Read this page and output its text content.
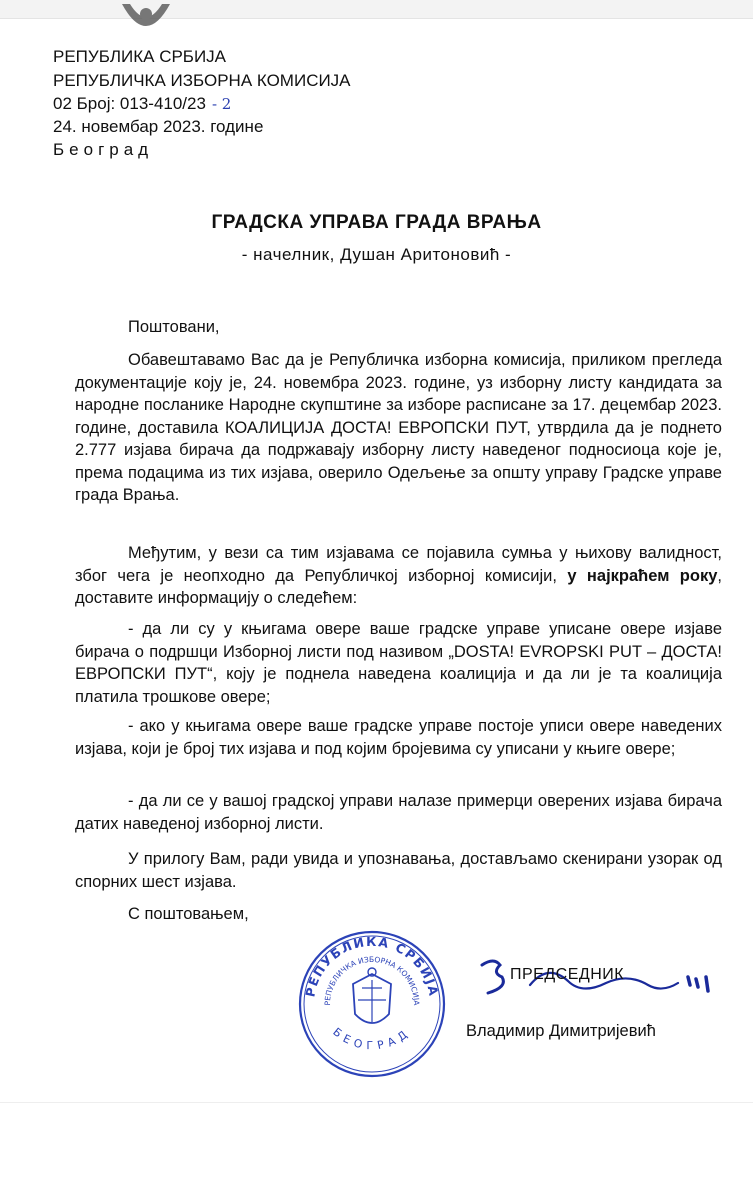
РЕПУБЛИКА СРБИЈА
РЕПУБЛИЧКА ИЗБОРНА КОМИСИЈА
02 Број: 013-410/23 - 2
24. новембар 2023. године
Београд
ГРАДСКА УПРАВА ГРАДА ВРАЊА
- начелник, Душан Аритоновић -
Поштовани,

Обавештавамо Вас да је Републичка изборна комисија, приликом прегледа документације коју је, 24. новембра 2023. године, уз изборну листу кандидата за народне посланике Народне скупштине за изборе расписане за 17. децембар 2023. године, доставила КОАЛИЦИЈА ДОСТА! ЕВРОПСКИ ПУТ, утврдила да је поднето 2.777 изјава бирача да подржавају изборну листу наведеног подносиоца које је, према подацима из тих изјава, оверило Одељење за општу управу Градске управе града Врања.

Међутим, у вези са тим изјавама се појавила сумња у њихову валидност, због чега је неопходно да Републичкој изборној комисији, у најкраћем року, доставите информацију о следећем:

- да ли су у књигама овере ваше градске управе уписане овере изјаве бирача о подршци Изборној листи под називом „DOSTA! EVROPSKI PUT – ДОСТА! ЕВРОПСКИ ПУТ“, коју је поднела наведена коалиција и да ли је та коалиција платила трошкове овере;

- ако у књигама овере ваше градске управе постоје уписи овере наведених изјава, који је број тих изјава и под којим бројевима су уписани у књиге овере;

- да ли се у вашој градској управи налазе примерци оверених изјава бирача датих наведеној изборној листи.

У прилогу Вам, ради увида и упознавања, достављамо скенирани узорак од спорних шест изјава.

С поштовањем,
РЕПУБЛИКА СРБИЈА
РЕПУБЛИЧКА ИЗБОРНА КОМИСИЈА
БЕОГРАД
ПРЕДСЕДНИК
Владимир Димитријевић
